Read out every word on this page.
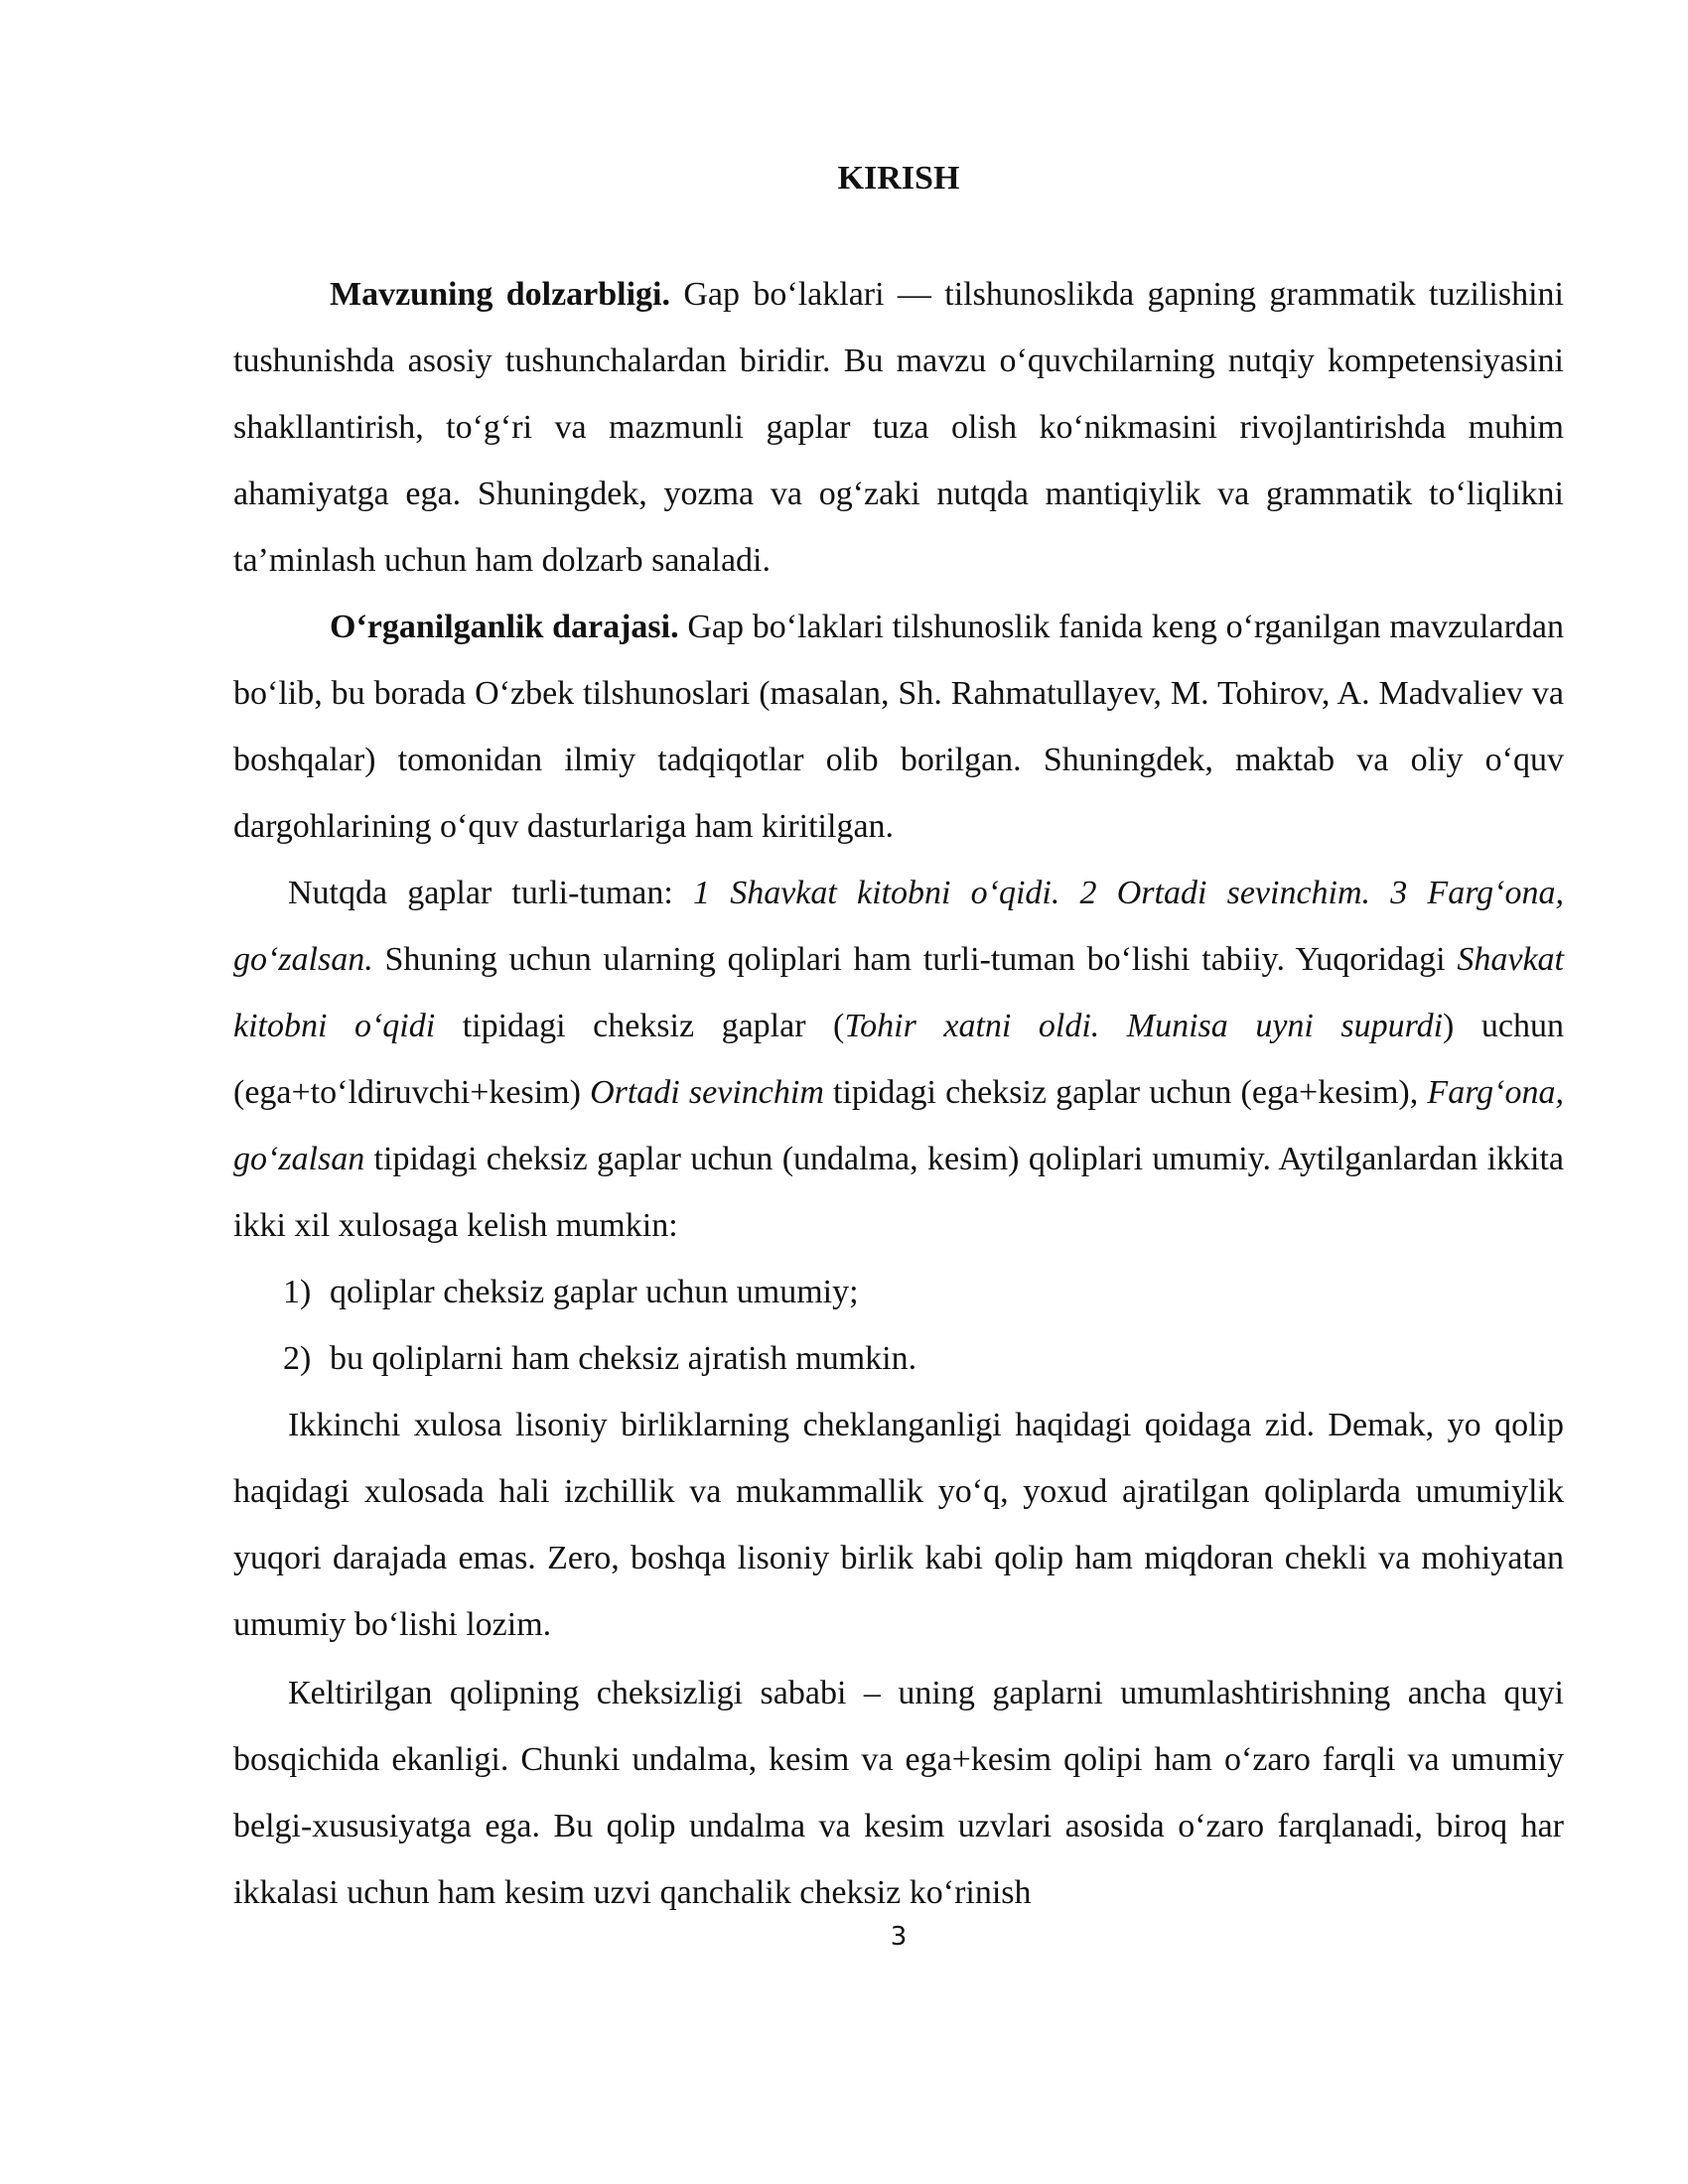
KIRISH

Mavzuning dolzarbligi. Gap bo‘laklari — tilshunoslikda gapning grammatik tuzilishini tushunishda asosiy tushunchalardan biridir. Bu mavzu o‘quvchilarning nutqiy kompetensiyasini shakllantirish, to‘g‘ri va mazmunli gaplar tuza olish ko‘nikmasini rivojlantirishda muhim ahamiyatga ega. Shuningdek, yozma va og‘zaki nutqda mantiqiylik va grammatik to‘liqlikni ta’minlash uchun ham dolzarb sanaladi.

O‘rganilganlik darajasi. Gap bo‘laklari tilshunoslik fanida keng o‘rganilgan mavzulardan bo‘lib, bu borada O‘zbek tilshunoslari (masalan, Sh. Rahmatullayev, M. Tohirov, A. Madvaliev va boshqalar) tomonidan ilmiy tadqiqotlar olib borilgan. Shuningdek, maktab va oliy o‘quv dargohlarining o‘quv dasturlariga ham kiritilgan.

Nutqda gaplar turli-tuman: 1 Shavkat kitobni o‘qidi. 2 Ortadi sevinchim. 3 Farg‘ona, go‘zalsan. Shuning uchun ularning qoliplari ham turli-tuman bo‘lishi tabiiy. Yuqoridagi Shavkat kitobni o‘qidi tipidagi cheksiz gaplar (Tohir xatni oldi. Munisa uyni supurdi) uchun (ega+to‘ldiruvchi+kesim) Ortadi sevinchim tipidagi cheksiz gaplar uchun (ega+kesim), Farg‘ona, go‘zalsan tipidagi cheksiz gaplar uchun (undalma, kesim) qoliplari umumiy. Aytilganlardan ikkita ikki xil xulosaga kelish mumkin:

1) qoliplar cheksiz gaplar uchun umumiy;
2) bu qoliplarni ham cheksiz ajratish mumkin.

Ikkinchi xulosa lisoniy birliklarning cheklanganligi haqidagi qoidaga zid. Demak, yo qolip haqidagi xulosada hali izchillik va mukammallik yo‘q, yoxud ajratilgan qoliplarda umumiylik yuqori darajada emas. Zero, boshqa lisoniy birlik kabi qolip ham miqdoran chekli va mohiyatan umumiy bo‘lishi lozim.

Кeltirilgan qolipning cheksizligi sababi – uning gaplarni umumlashtirishning ancha quyi bosqichida ekanligi. Chunki undalma, kesim va ega+kesim qolipi ham o‘zaro farqli va umumiy belgi-xususiyatga ega. Bu qolip undalma va kesim uzvlari asosida o‘zaro farqlanadi, biroq har ikkalasi uchun ham kesim uzvi qanchalik cheksiz ko‘rinish

3
